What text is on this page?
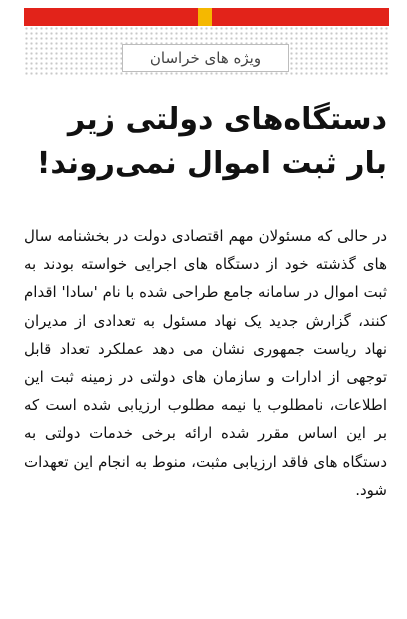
ویژه های خراسان
دستگاه‌های دولتی زیر بار ثبت اموال نمی‌روند!

در حالی که مسئولان مهم اقتصادی دولت در بخشنامه سال های گذشته خود از دستگاه های اجرایی خواسته بودند به ثبت اموال در سامانه جامع طراحی شده با نام 'سادا' اقدام کنند، گزارش جدید یک نهاد مسئول به تعدادی از مدیران نهاد ریاست جمهوری نشان می دهد عملکرد تعداد قابل توجهی از ادارات و سازمان های دولتی در زمینه ثبت این اطلاعات، نامطلوب یا نیمه مطلوب ارزیابی شده است که بر این اساس مقرر شده ارائه برخی خدمات دولتی به دستگاه های فاقد ارزیابی مثبت، منوط به انجام این تعهدات شود.
